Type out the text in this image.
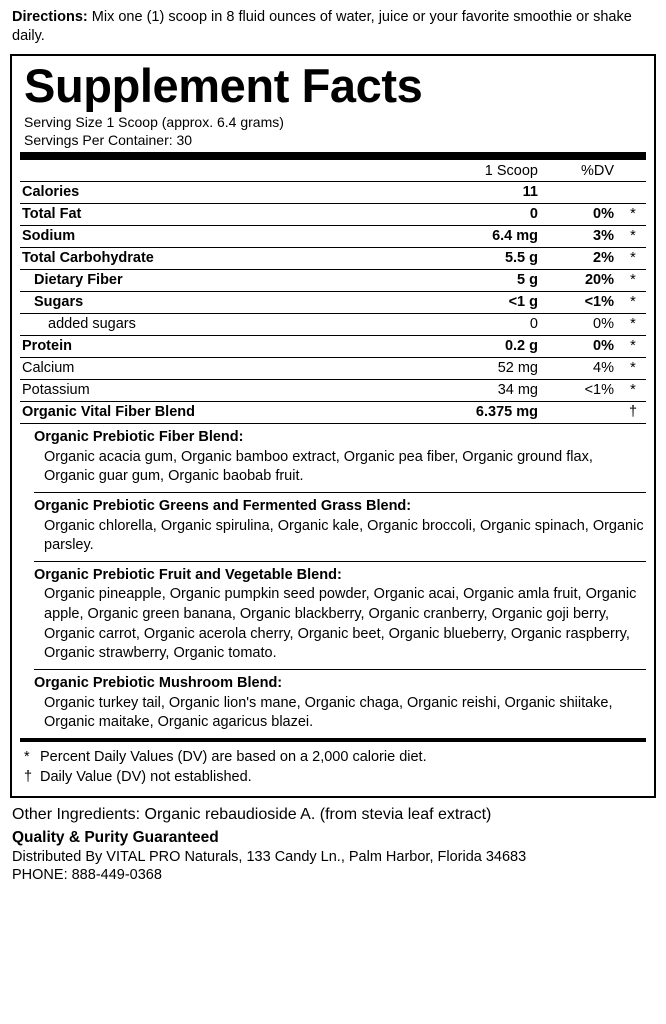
Directions: Mix one (1) scoop in 8 fluid ounces of water, juice or your favorite smoothie or shake daily.

Supplement Facts
Serving Size 1 Scoop (approx. 6.4 grams)
Servings Per Container: 30
	1 Scoop	%DV	
Calories	11		
Total Fat	0	0%	*
Sodium	6.4 mg	3%	*
Total Carbohydrate	5.5 g	2%	*
Dietary Fiber	5 g	20%	*
Sugars	<1 g	<1%	*
added sugars	0	0%	*
Protein	0.2 g	0%	*
Calcium	52 mg	4%	*
Potassium	34 mg	<1%	*
Organic Vital Fiber Blend	6.375 mg		†
Organic Prebiotic Fiber Blend:
Organic acacia gum, Organic bamboo extract, Organic pea fiber, Organic ground flax, Organic guar gum, Organic baobab fruit.
Organic Prebiotic Greens and Fermented Grass Blend:
Organic chlorella, Organic spirulina, Organic kale, Organic broccoli, Organic spinach, Organic parsley.
Organic Prebiotic Fruit and Vegetable Blend:
Organic pineapple, Organic pumpkin seed powder, Organic acai, Organic amla fruit, Organic apple, Organic green banana, Organic blackberry, Organic cranberry, Organic goji berry, Organic carrot, Organic acerola cherry, Organic beet, Organic blueberry, Organic raspberry, Organic strawberry, Organic tomato.
Organic Prebiotic Mushroom Blend:
Organic turkey tail, Organic lion's mane, Organic chaga, Organic reishi, Organic shiitake, Organic maitake, Organic agaricus blazei.
* Percent Daily Values (DV) are based on a 2,000 calorie diet.
† Daily Value (DV) not established.
Other Ingredients: Organic rebaudioside A. (from stevia leaf extract)
Quality & Purity Guaranteed
Distributed By VITAL PRO Naturals, 133 Candy Ln., Palm Harbor, Florida 34683
PHONE: 888-449-0368
